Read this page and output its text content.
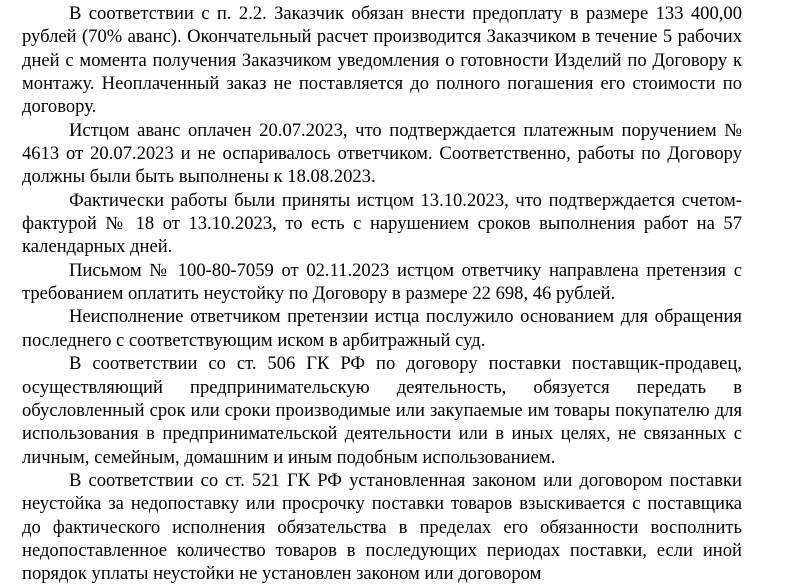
В соответствии с п. 2.2. Заказчик обязан внести предоплату в размере 133 400,00 рублей (70% аванс). Окончательный расчет производится Заказчиком в течение 5 рабочих дней с момента получения Заказчиком уведомления о готовности Изделий по Договору к монтажу. Неоплаченный заказ не поставляется до полного погашения его стоимости по договору.

Истцом аванс оплачен 20.07.2023, что подтверждается платежным поручением № 4613 от 20.07.2023 и не оспаривалось ответчиком. Соответственно, работы по Договору должны были быть выполнены к 18.08.2023.

Фактически работы были приняты истцом 13.10.2023, что подтверждается счетом-фактурой № 18 от 13.10.2023, то есть с нарушением сроков выполнения работ на 57 календарных дней.

Письмом № 100-80-7059 от 02.11.2023 истцом ответчику направлена претензия с требованием оплатить неустойку по Договору в размере 22 698, 46 рублей.

Неисполнение ответчиком претензии истца послужило основанием для обращения последнего с соответствующим иском в арбитражный суд.

В соответствии со ст. 506 ГК РФ по договору поставки поставщик-продавец, осуществляющий предпринимательскую деятельность, обязуется передать в обусловленный срок или сроки производимые или закупаемые им товары покупателю для использования в предпринимательской деятельности или в иных целях, не связанных с личным, семейным, домашним и иным подобным использованием.

В соответствии со ст. 521 ГК РФ установленная законом или договором поставки неустойка за недопоставку или просрочку поставки товаров взыскивается с поставщика до фактического исполнения обязательства в пределах его обязанности восполнить недопоставленное количество товаров в последующих периодах поставки, если иной порядок уплаты неустойки не установлен законом или договором
